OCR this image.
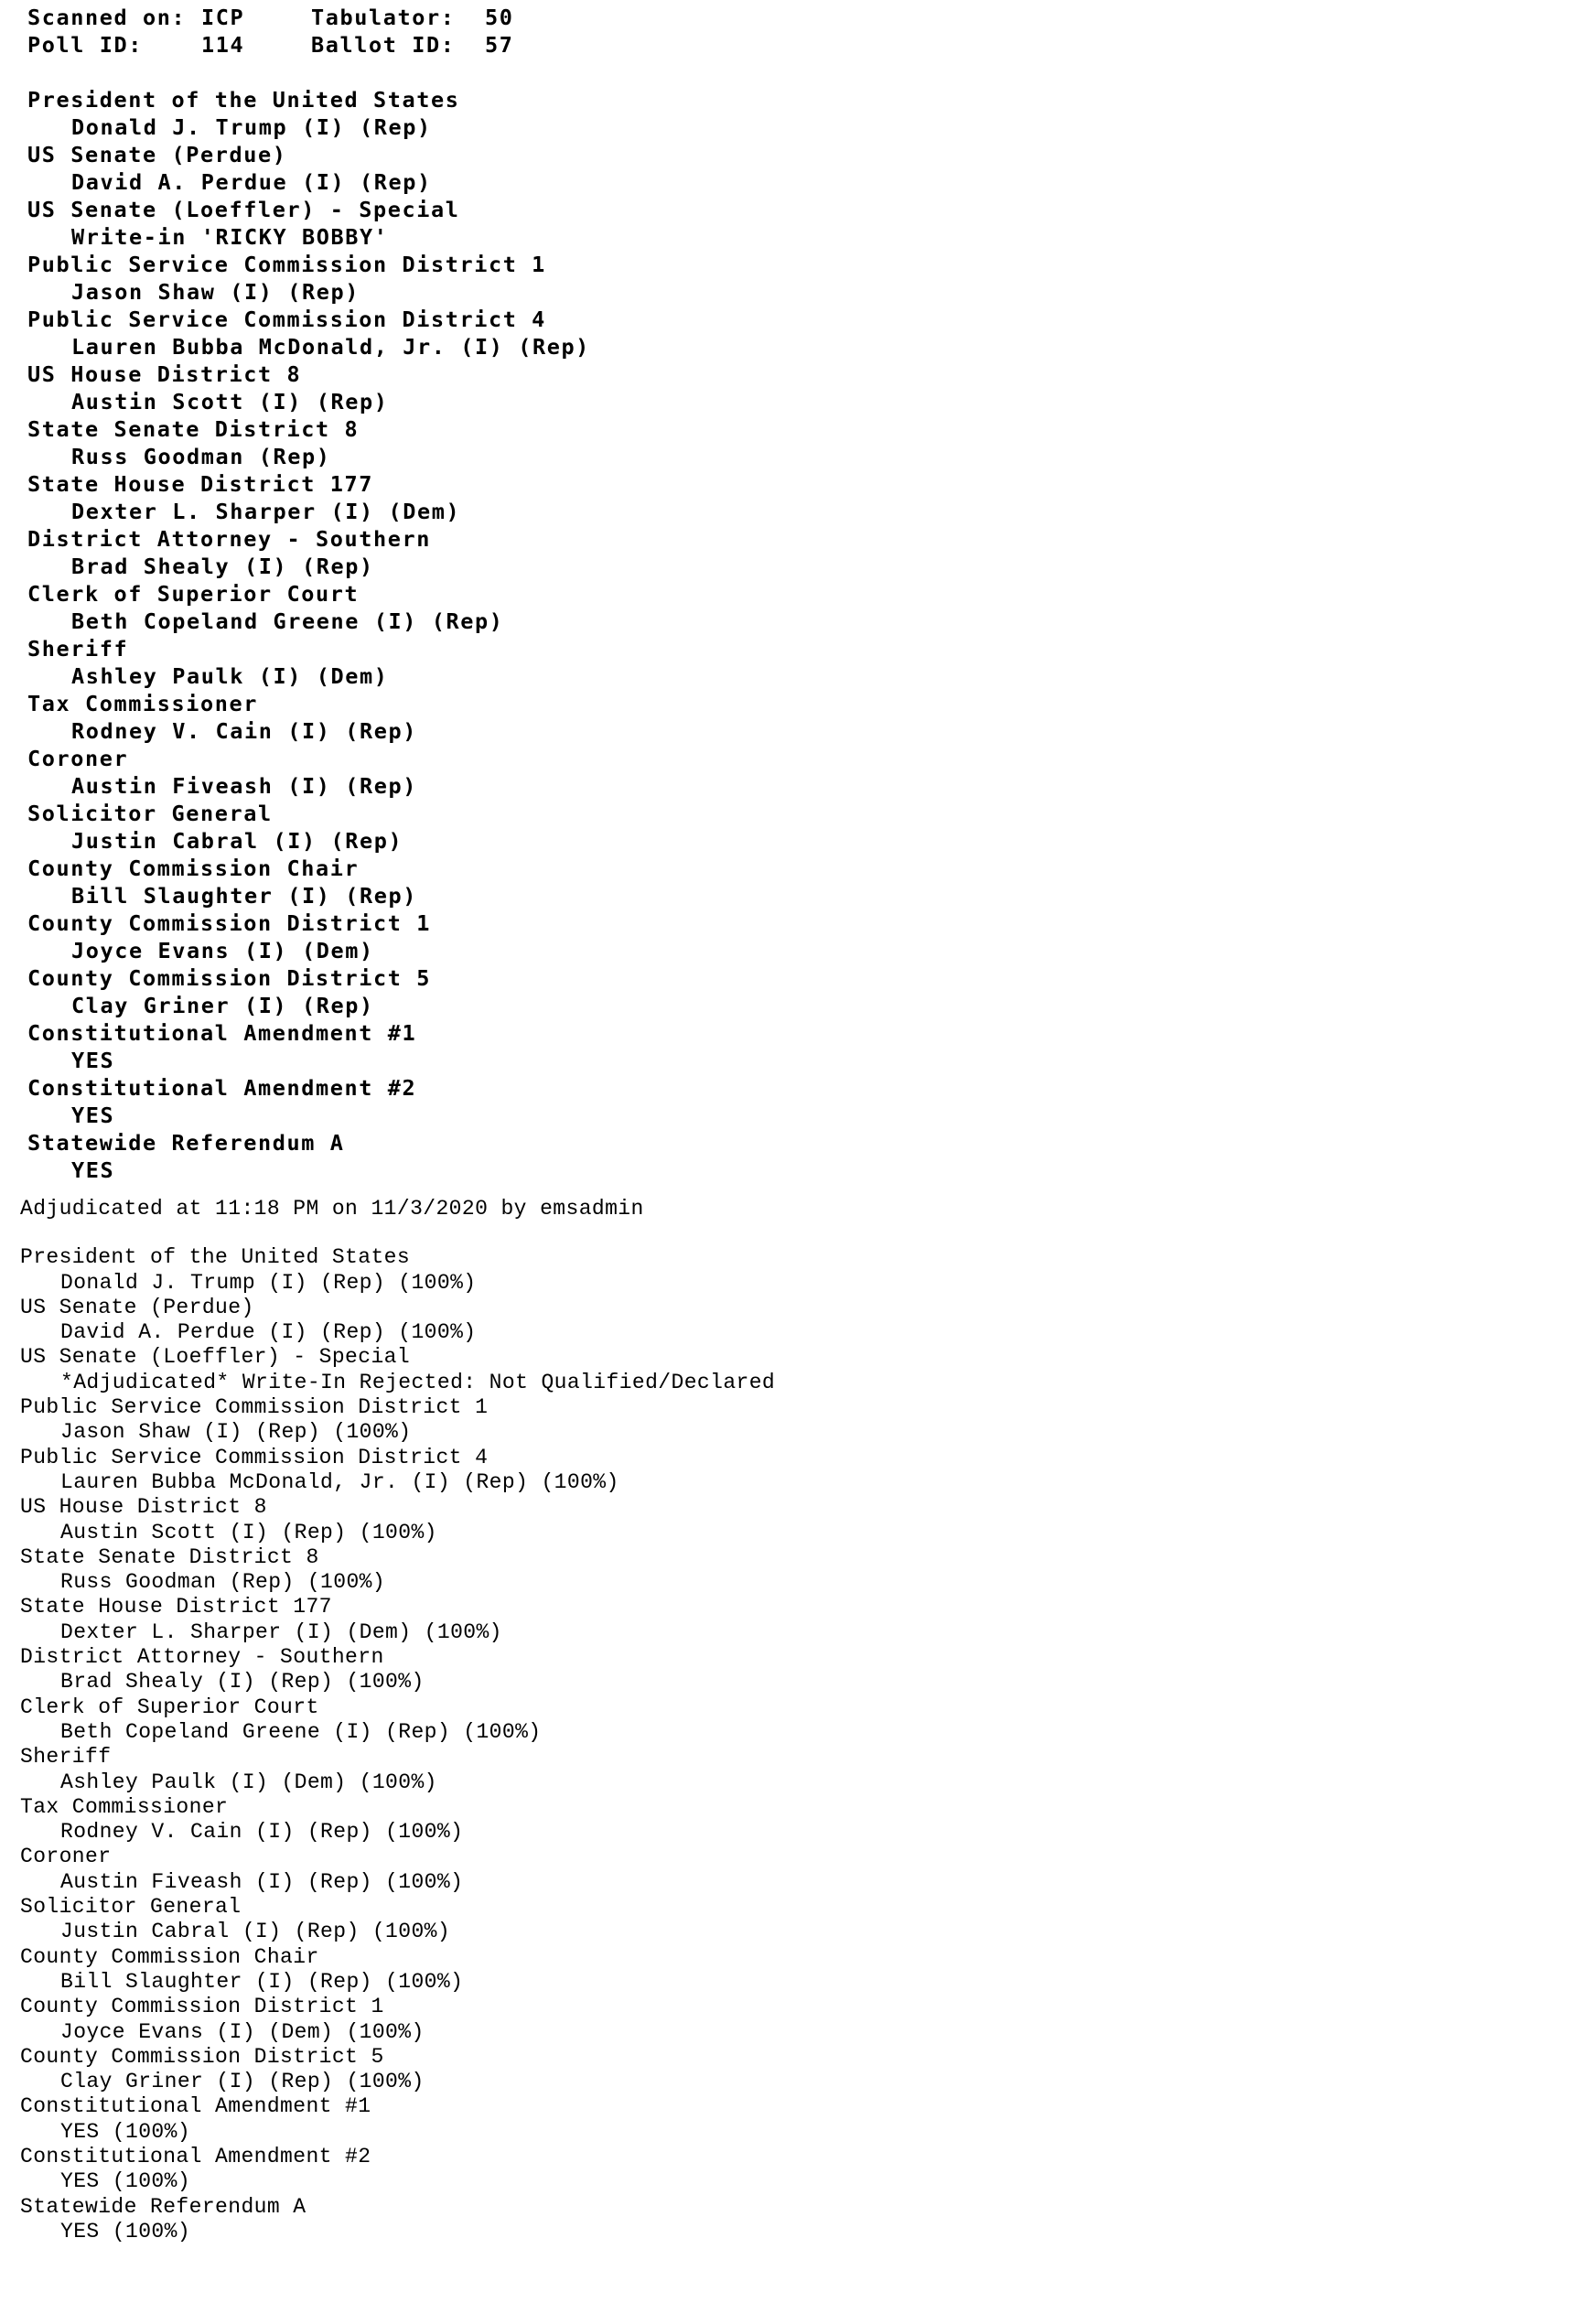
Scanned on: ICP	Tabulator:	50
Poll ID:	114	Ballot ID:	57
President of the United States
Donald J. Trump (I) (Rep)
US Senate (Perdue)
David A. Perdue (I) (Rep)
US Senate (Loeffler) - Special
Write-in 'RICKY BOBBY'
Public Service Commission District 1
Jason Shaw (I) (Rep)
Public Service Commission District 4
Lauren Bubba McDonald, Jr. (I) (Rep)
US House District 8
Austin Scott (I) (Rep)
State Senate District 8
Russ Goodman (Rep)
State House District 177
Dexter L. Sharper (I) (Dem)
District Attorney - Southern
Brad Shealy (I) (Rep)
Clerk of Superior Court
Beth Copeland Greene (I) (Rep)
Sheriff
Ashley Paulk (I) (Dem)
Tax Commissioner
Rodney V. Cain (I) (Rep)
Coroner
Austin Fiveash (I) (Rep)
Solicitor General
Justin Cabral (I) (Rep)
County Commission Chair
Bill Slaughter (I) (Rep)
County Commission District 1
Joyce Evans (I) (Dem)
County Commission District 5
Clay Griner (I) (Rep)
Constitutional Amendment #1
YES
Constitutional Amendment #2
YES
Statewide Referendum A
YES
Adjudicated at 11:18 PM on 11/3/2020 by emsadmin
President of the United States
Donald J. Trump (I) (Rep) (100%)
US Senate (Perdue)
David A. Perdue (I) (Rep) (100%)
US Senate (Loeffler) - Special
*Adjudicated* Write-In Rejected: Not Qualified/Declared
Public Service Commission District 1
Jason Shaw (I) (Rep) (100%)
Public Service Commission District 4
Lauren Bubba McDonald, Jr. (I) (Rep) (100%)
US House District 8
Austin Scott (I) (Rep) (100%)
State Senate District 8
Russ Goodman (Rep) (100%)
State House District 177
Dexter L. Sharper (I) (Dem) (100%)
District Attorney - Southern
Brad Shealy (I) (Rep) (100%)
Clerk of Superior Court
Beth Copeland Greene (I) (Rep) (100%)
Sheriff
Ashley Paulk (I) (Dem) (100%)
Tax Commissioner
Rodney V. Cain (I) (Rep) (100%)
Coroner
Austin Fiveash (I) (Rep) (100%)
Solicitor General
Justin Cabral (I) (Rep) (100%)
County Commission Chair
Bill Slaughter (I) (Rep) (100%)
County Commission District 1
Joyce Evans (I) (Dem) (100%)
County Commission District 5
Clay Griner (I) (Rep) (100%)
Constitutional Amendment #1
YES (100%)
Constitutional Amendment #2
YES (100%)
Statewide Referendum A
YES (100%)
